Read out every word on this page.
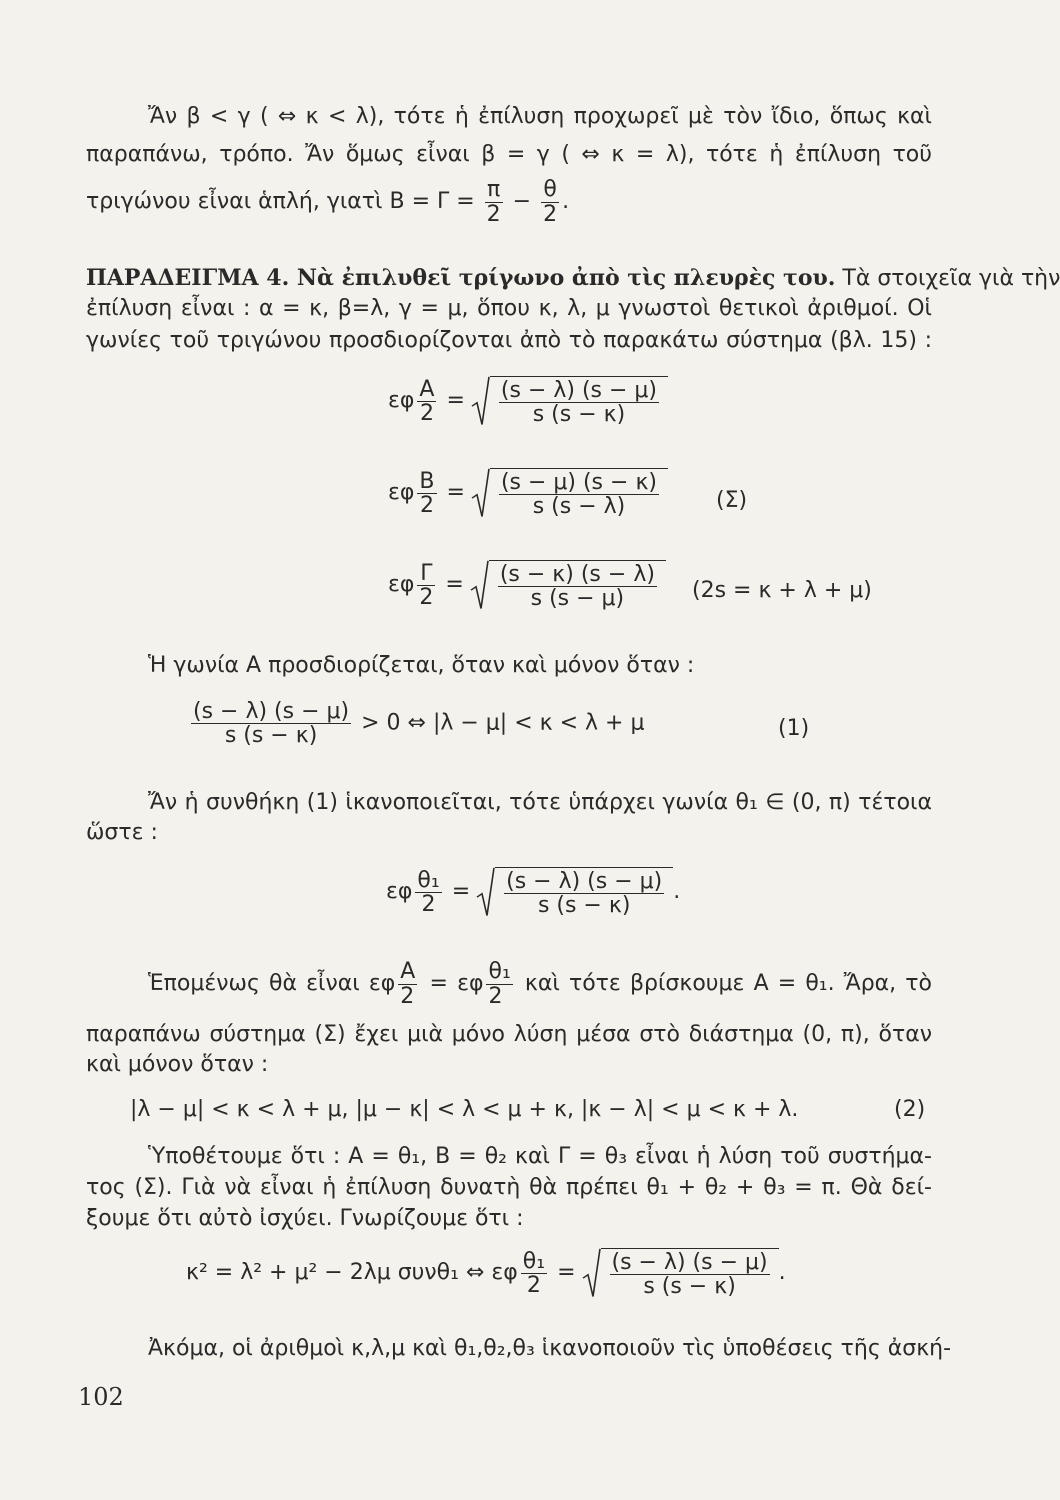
Ἄν β < γ ( ⇔ κ < λ), τότε ἡ ἐπίλυση προχωρεῖ μὲ τὸν ἴδιο, ὅπως καὶ
παραπάνω, τρόπο. Ἄν ὅμως εἶναι β = γ ( ⇔ κ = λ), τότε ἡ ἐπίλυση τοῦ
τριγώνου εἶναι ἁπλή, γιατὶ $B = \Gamma = \frac{\pi}{2} - \frac{\theta}{2}$ .
ΠΑΡΑΔΕΙΓΜΑ 4. Νὰ ἐπιλυθεῖ τρίγωνο ἀπὸ τὶς πλευρὲς του. Τὰ στοιχεῖα γιὰ τὴν
ἐπίλυση εἶναι : α = κ, β=λ, γ = μ, ὅπου κ, λ, μ γνωστοὶ θετικοὶ ἀριθμοί. Οἱ
γωνίες τοῦ τριγώνου προσδιορίζονται ἀπὸ τὸ παρακάτω σύστημα (βλ. 15) :
εφ $\frac{A}{2} = \frac{(s - \lambda) (s - \mu)}{s (s - \kappa)}$
εφ $\frac{B}{2} = \frac{(s - \mu) (s - \kappa)}{s (s - \lambda)}$	(Σ)
εφ $\frac{\Gamma}{2} = \frac{(s - \kappa) (s - \lambda)}{s (s - \mu)} (2s = \kappa + \lambda + \mu)$
Ἡ γωνία A προσδιορίζεται, ὅταν καὶ μόνον ὅταν :
$\frac{(s - \lambda) (s - \mu)}{s (s - \kappa)} > 0$ ⇔ |λ − μ| < κ < λ + μ	(1)
Ἄν ἡ συνθήκη (1) ἱκανοποιεῖται, τότε ὑπάρχει γωνία θ₁ ∈ (0, π) τέτοια
ὥστε :
εφ $\frac{\text{θ₁}}{2} = \frac{(s - \lambda) (s - \mu)}{s (s - \kappa)}$ .
Ἑπομένως θὰ εἶναι εφ $\frac{A}{2} = \varepsilon\varphi \frac{\text{θ₁}}{2}$ καὶ τότε βρίσκουμε A = θ₁. Ἄρα, τὸ
παραπάνω σύστημα (Σ) ἔχει μιὰ μόνο λύση μέσα στὸ διάστημα (0, π), ὅταν
καὶ μόνον ὅταν :
|λ − μ| < κ < λ + μ, |μ − κ| < λ < μ + κ, |κ − λ| < μ < κ + λ.	(2)
Ὑποθέτουμε ὅτι : A = θ₁, B = θ₂ καὶ Γ = θ₃ εἶναι ἡ λύση τοῦ συστήμα-
τος (Σ). Γιὰ νὰ εἶναι ἡ ἐπίλυση δυνατὴ θὰ πρέπει θ₁ + θ₂ + θ₃ = π. Θὰ δεί-
ξουμε ὅτι αὐτὸ ἰσχύει. Γνωρίζουμε ὅτι :
κ² = λ² + μ² − 2λμ συνθ₁ ⇔ εφ $\frac{\text{θ₁}}{2} = \frac{(s - \lambda) (s - \mu)}{s (s - \kappa)}$ .
Ἀκόμα, οἱ ἀριθμοὶ κ,λ,μ καὶ θ₁,θ₂,θ₃ ἱκανοποιοῦν τὶς ὑποθέσεις τῆς ἀσκή-
102
